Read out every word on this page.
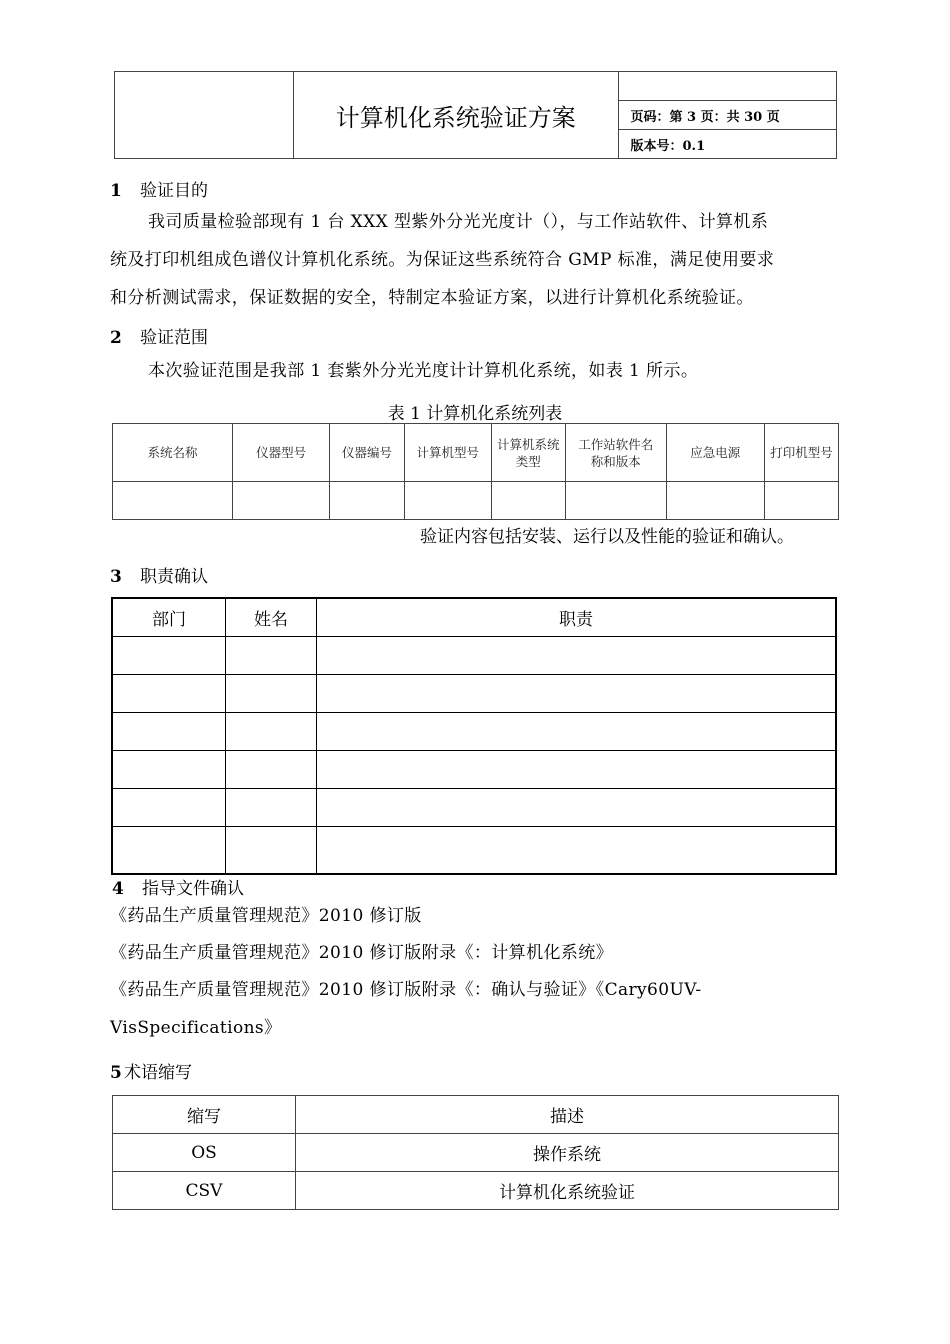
	计算机化系统验证方案	
页码：第 3 页：共 30 页
版本号：0.1
1 验证目的
我司质量检验部现有 1 台 XXX 型紫外分光光度计（），与工作站软件、计算机系
统及打印机组成色谱仪计算机化系统。为保证这些系统符合 GMP 标准，满足使用要求
和分析测试需求，保证数据的安全，特制定本验证方案，以进行计算机化系统验证。
2 验证范围
本次验证范围是我部 1 套紫外分光光度计计算机化系统，如表 1 所示。
表 1 计算机化系统列表
系统名称	仪器型号	仪器编号	计算机型号	计算机系统类型	工作站软件名称和版本	应急电源	打印机型号

验证内容包括安装、运行以及性能的验证和确认。
3 职责确认
部门	姓名	职责

4 指导文件确认
《药品生产质量管理规范》2010 修订版
《药品生产质量管理规范》2010 修订版附录《：计算机化系统》
《药品生产质量管理规范》2010 修订版附录《：确认与验证》《Cary60UV-
VisSpecifications》
5 术语缩写
缩写	描述
OS	操作系统
CSV	计算机化系统验证
